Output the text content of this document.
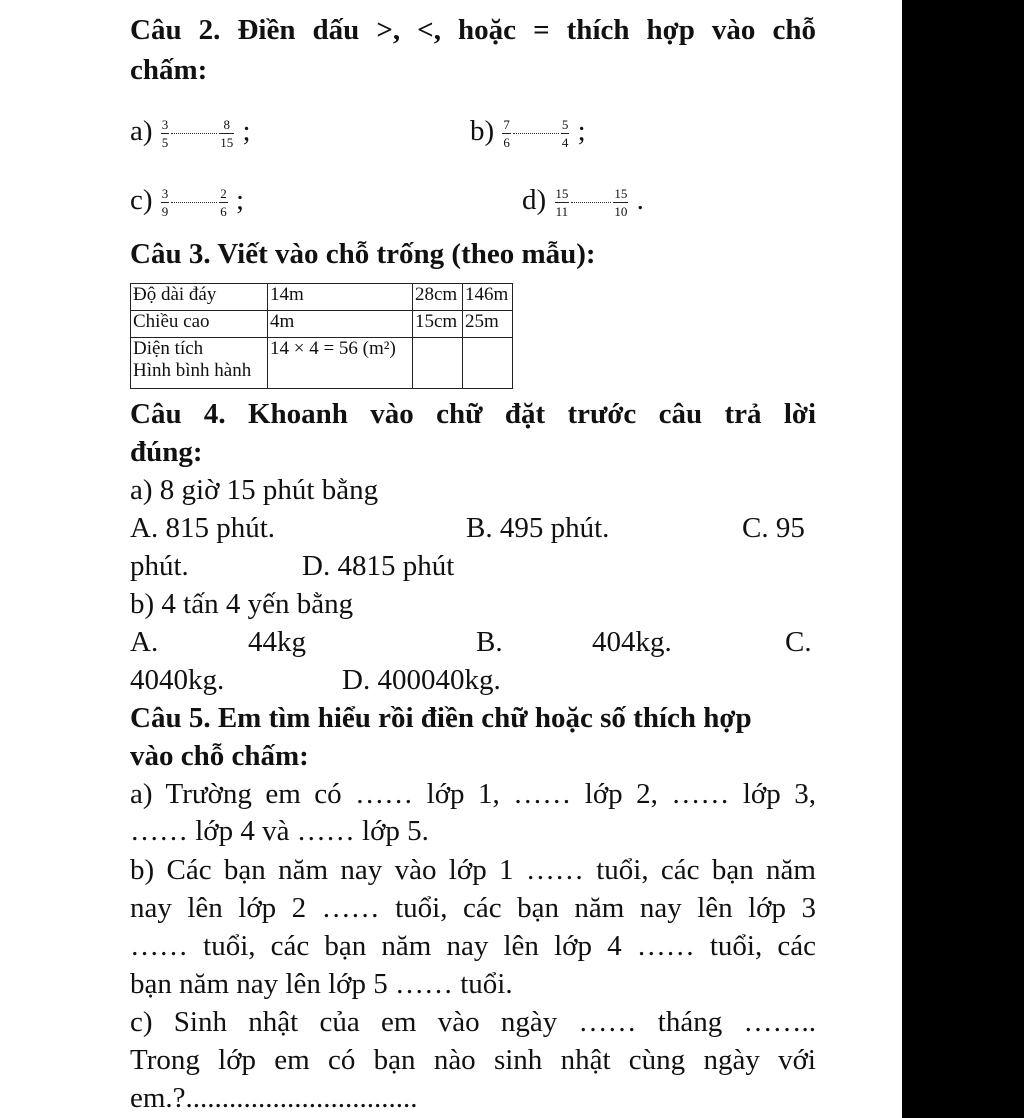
Câu 2. Điền dấu >, <, hoặc = thích hợp vào chỗ
chấm:
$a) \frac{3}{5}$	$\frac{8}{15}$ ;	$b) \frac{7}{6}$	$\frac{5}{4}$ ;
$c) \frac{3}{9}$	$\frac{2}{6}$ ;	$d) \frac{15}{11}$	$\frac{15}{10}$ .
Câu 3. Viết vào chỗ trống (theo mẫu):
Độ dài đáy	14m	28cm	146m
Chiều cao	4m	15cm	25m

Diện tích
Hình bình hành	14 × 4 = 56 (m²)		
Câu 4. Khoanh vào chữ đặt trước câu trả lời
đúng:
a) 8 giờ 15 phút bằng
A. 815 phút.	B. 495 phút.	C. 95
phút.	D. 4815 phút
b) 4 tấn 4 yến bằng
A.	44kg	B.	404kg.	C.
4040kg.	D. 400040kg.
Câu 5. Em tìm hiểu rồi điền chữ hoặc số thích hợp
vào chỗ chấm:
a) Trường em có …… lớp 1, …… lớp 2, …… lớp 3,
…… lớp 4 và …… lớp 5.
b) Các bạn năm nay vào lớp 1 …… tuổi, các bạn năm
nay lên lớp 2 …… tuổi, các bạn năm nay lên lớp 3
…… tuổi, các bạn năm nay lên lớp 4 …… tuổi, các
bạn năm nay lên lớp 5 …… tuổi.
c) Sinh nhật của em vào ngày …… tháng ……..
Trong lớp em có bạn nào sinh nhật cùng ngày với
em.?................................
